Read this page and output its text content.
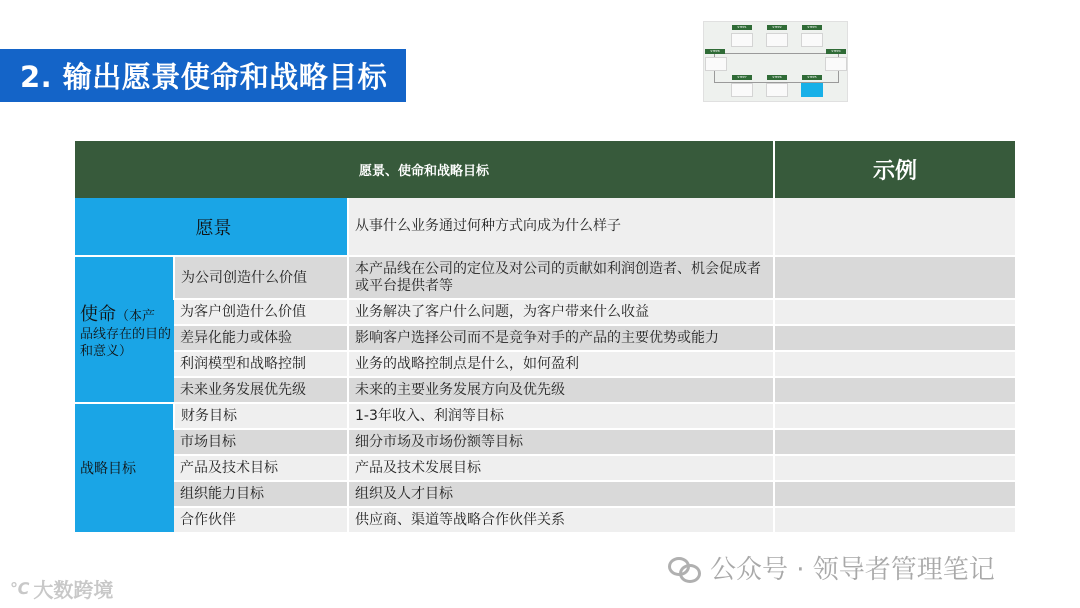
2. 输出愿景使命和战略目标
STEP1	STEP2	STEP3
STEP4
STEP8
STEP7	STEP6	STEP5
愿景、使命和战略目标			示例
愿景		从事什么业务通过何种方式向成为什么样子	
使命（本产
品线存在的目的和意义）	为公司创造什么价值	本产品线在公司的定位及对公司的贡献如利润创造者、机会促成者或平台提供者等	
	为客户创造什么价值	业务解决了客户什么问题，为客户带来什么收益	
	差异化能力或体验	影响客户选择公司而不是竞争对手的产品的主要优势或能力	
	利润模型和战略控制	业务的战略控制点是什么，如何盈利	
	未来业务发展优先级	未来的主要业务发展方向及优先级	
战略目标	财务目标	1-3年收入、利润等目标	
	市场目标	细分市场及市场份额等目标	
	产品及技术目标	产品及技术发展目标	
	组织能力目标	组织及人才目标	
	合作伙伴	供应商、渠道等战略合作伙伴关系	
公众号 · 领导者管理笔记
℃ 大数跨境
